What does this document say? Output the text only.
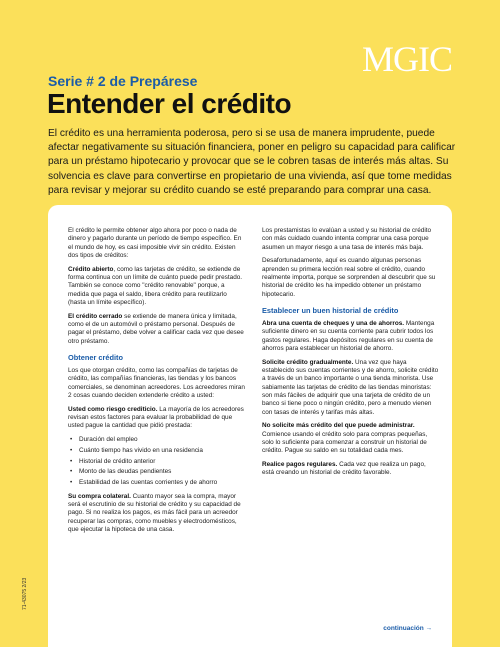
MGIC
Serie # 2 de Prepárese
Entender el crédito
El crédito es una herramienta poderosa, pero si se usa de manera imprudente, puede afectar negativamente su situación financiera, poner en peligro su capacidad para calificar para un préstamo hipotecario y provocar que se le cobren tasas de interés más altas. Su solvencia es clave para convertirse en propietario de una vivienda, así que tome medidas para revisar y mejorar su crédito cuando se esté preparando para comprar una casa.

El crédito le permite obtener algo ahora por poco o nada de dinero y pagarlo durante un período de tiempo específico. En el mundo de hoy, es casi imposible vivir sin crédito. Existen dos tipos de créditos:

Crédito abierto, como las tarjetas de crédito, se extiende de forma continua con un límite de cuánto puede pedir prestado. También se conoce como "crédito renovable" porque, a medida que paga el saldo, libera crédito para reutilizarlo (hasta un límite específico).

El crédito cerrado se extiende de manera única y limitada, como el de un automóvil o préstamo personal. Después de pagar el préstamo, debe volver a calificar cada vez que desee otro préstamo.

Obtener crédito

Los que otorgan crédito, como las compañías de tarjetas de crédito, las compañías financieras, las tiendas y los bancos comerciales, se denominan acreedores. Los acreedores miran 2 cosas cuando deciden extenderle crédito a usted:

Usted como riesgo crediticio. La mayoría de los acreedores revisan estos factores para evaluar la probabilidad de que usted pague la cantidad que pidió prestada:

• Duración del empleo
• Cuánto tiempo has vivido en una residencia
• Historial de crédito anterior
• Monto de las deudas pendientes
• Estabilidad de las cuentas corrientes y de ahorro

Su compra colateral. Cuanto mayor sea la compra, mayor será el escrutinio de su historial de crédito y su capacidad de pago. Si no realiza los pagos, es más fácil para un acreedor recuperar las compras, como muebles y electrodomésticos, que ejecutar la hipoteca de una casa.

Los prestamistas lo evalúan a usted y su historial de crédito con más cuidado cuando intenta comprar una casa porque asumen un mayor riesgo a una tasa de interés más baja.

Desafortunadamente, aquí es cuando algunas personas aprenden su primera lección real sobre el crédito, cuando realmente importa, porque se sorprenden al descubrir que su historial de crédito les ha impedido obtener un préstamo hipotecario.

Establecer un buen historial de crédito

Abra una cuenta de cheques y una de ahorros. Mantenga suficiente dinero en su cuenta corriente para cubrir todos los gastos regulares. Haga depósitos regulares en su cuenta de ahorros para establecer un historial de ahorro.

Solicite crédito gradualmente. Una vez que haya establecido sus cuentas corrientes y de ahorro, solicite crédito a través de un banco importante o una tienda minorista. Use sabiamente las tarjetas de crédito de las tiendas minoristas: son más fáciles de adquirir que una tarjeta de crédito de un banco si tiene poco o ningún crédito, pero a menudo vienen con tasas de interés y tarifas más altas.

No solicite más crédito del que puede administrar. Comience usando el crédito solo para compras pequeñas, solo lo suficiente para comenzar a construir un historial de crédito. Pague su saldo en su totalidad cada mes.

Realice pagos regulares. Cada vez que realiza un pago, está creando un historial de crédito favorable.

continuación →
71-43075 2/23
